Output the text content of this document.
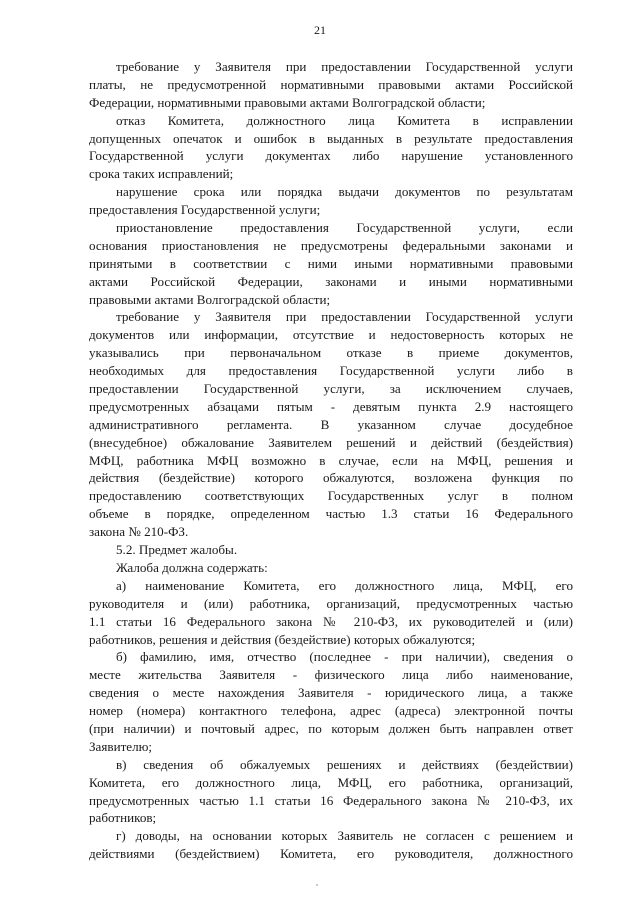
21
требование у Заявителя при предоставлении Государственной услуги
платы, не предусмотренной нормативными правовыми актами Российской
Федерации, нормативными правовыми актами Волгоградской области;
отказ Комитета, должностного лица Комитета в исправлении
допущенных опечаток и ошибок в выданных в результате предоставления
Государственной услуги документах либо нарушение установленного
срока таких исправлений;
нарушение срока или порядка выдачи документов по результатам
предоставления Государственной услуги;
приостановление предоставления Государственной услуги, если
основания приостановления не предусмотрены федеральными законами и
принятыми в соответствии с ними иными нормативными правовыми
актами Российской Федерации, законами и иными нормативными
правовыми актами Волгоградской области;
требование у Заявителя при предоставлении Государственной услуги
документов или информации, отсутствие и недостоверность которых не
указывались при первоначальном отказе в приеме документов,
необходимых для предоставления Государственной услуги либо в
предоставлении Государственной услуги, за исключением случаев,
предусмотренных абзацами пятым - девятым пункта 2.9 настоящего
административного регламента. В указанном случае досудебное
(внесудебное) обжалование Заявителем решений и действий (бездействия)
МФЦ, работника МФЦ возможно в случае, если на МФЦ, решения и
действия (бездействие) которого обжалуются, возложена функция по
предоставлению соответствующих Государственных услуг в полном
объеме в порядке, определенном частью 1.3 статьи 16 Федерального
закона № 210-ФЗ.
5.2. Предмет жалобы.
Жалоба должна содержать:
а) наименование Комитета, его должностного лица, МФЦ, его
руководителя и (или) работника, организаций, предусмотренных частью
1.1 статьи 16 Федерального закона № 210-ФЗ, их руководителей и (или)
работников, решения и действия (бездействие) которых обжалуются;
б) фамилию, имя, отчество (последнее - при наличии), сведения о
месте жительства Заявителя - физического лица либо наименование,
сведения о месте нахождения Заявителя - юридического лица, а также
номер (номера) контактного телефона, адрес (адреса) электронной почты
(при наличии) и почтовый адрес, по которым должен быть направлен ответ
Заявителю;
в) сведения об обжалуемых решениях и действиях (бездействии)
Комитета, его должностного лица, МФЦ, его работника, организаций,
предусмотренных частью 1.1 статьи 16 Федерального закона № 210-ФЗ, их
работников;
г) доводы, на основании которых Заявитель не согласен с решением и
действиями (бездействием) Комитета, его руководителя, должностного
